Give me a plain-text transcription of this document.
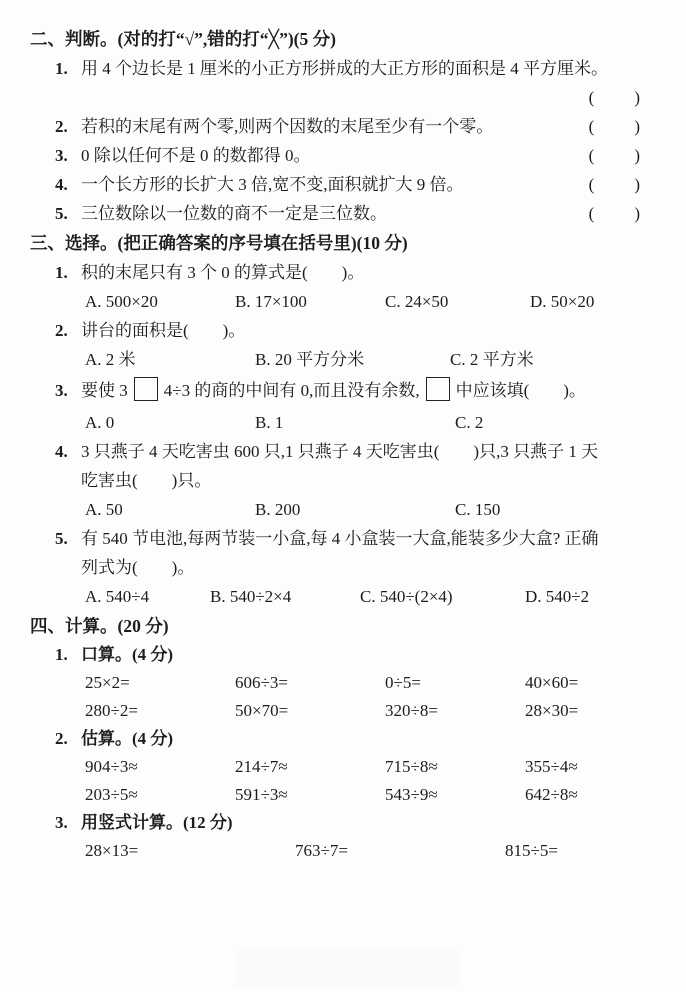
二、判断。(对的打“√”,错的打“╳”)(5 分)
1. 用 4 个边长是 1 厘米的小正方形拼成的大正方形的面积是 4 平方厘米。
(　　)
2. 若积的末尾有两个零,则两个因数的末尾至少有一个零。	(　　)
3. 0 除以任何不是 0 的数都得 0。	(　　)
4. 一个长方形的长扩大 3 倍,宽不变,面积就扩大 9 倍。	(　　)
5. 三位数除以一位数的商不一定是三位数。	(　　)
三、选择。(把正确答案的序号填在括号里)(10 分)
1. 积的末尾只有 3 个 0 的算式是(　　)。
A. 500×20	B. 17×100	C. 24×50	D. 50×20
2. 讲台的面积是(　　)。
A. 2 米	B. 20 平方分米	C. 2 平方米
3. 要使 3 4÷3 的商的中间有 0,而且没有余数, 中应该填(　　)。
A. 0	B. 1	C. 2
4. 3 只燕子 4 天吃害虫 600 只,1 只燕子 4 天吃害虫(　　)只,3 只燕子 1 天
吃害虫(　　)只。
A. 50	B. 200	C. 150
5. 有 540 节电池,每两节装一小盒,每 4 小盒装一大盒,能装多少大盒? 正确
列式为(　　)。
A. 540÷4	B. 540÷2×4	C. 540÷(2×4)	D. 540÷2
四、计算。(20 分)
1. 口算。(4 分)
25×2=	606÷3=	0÷5=	40×60=
280÷2=	50×70=	320÷8=	28×30=
2. 估算。(4 分)
904÷3≈	214÷7≈	715÷8≈	355÷4≈
203÷5≈	591÷3≈	543÷9≈	642÷8≈
3. 用竖式计算。(12 分)
28×13=	763÷7=	815÷5=
